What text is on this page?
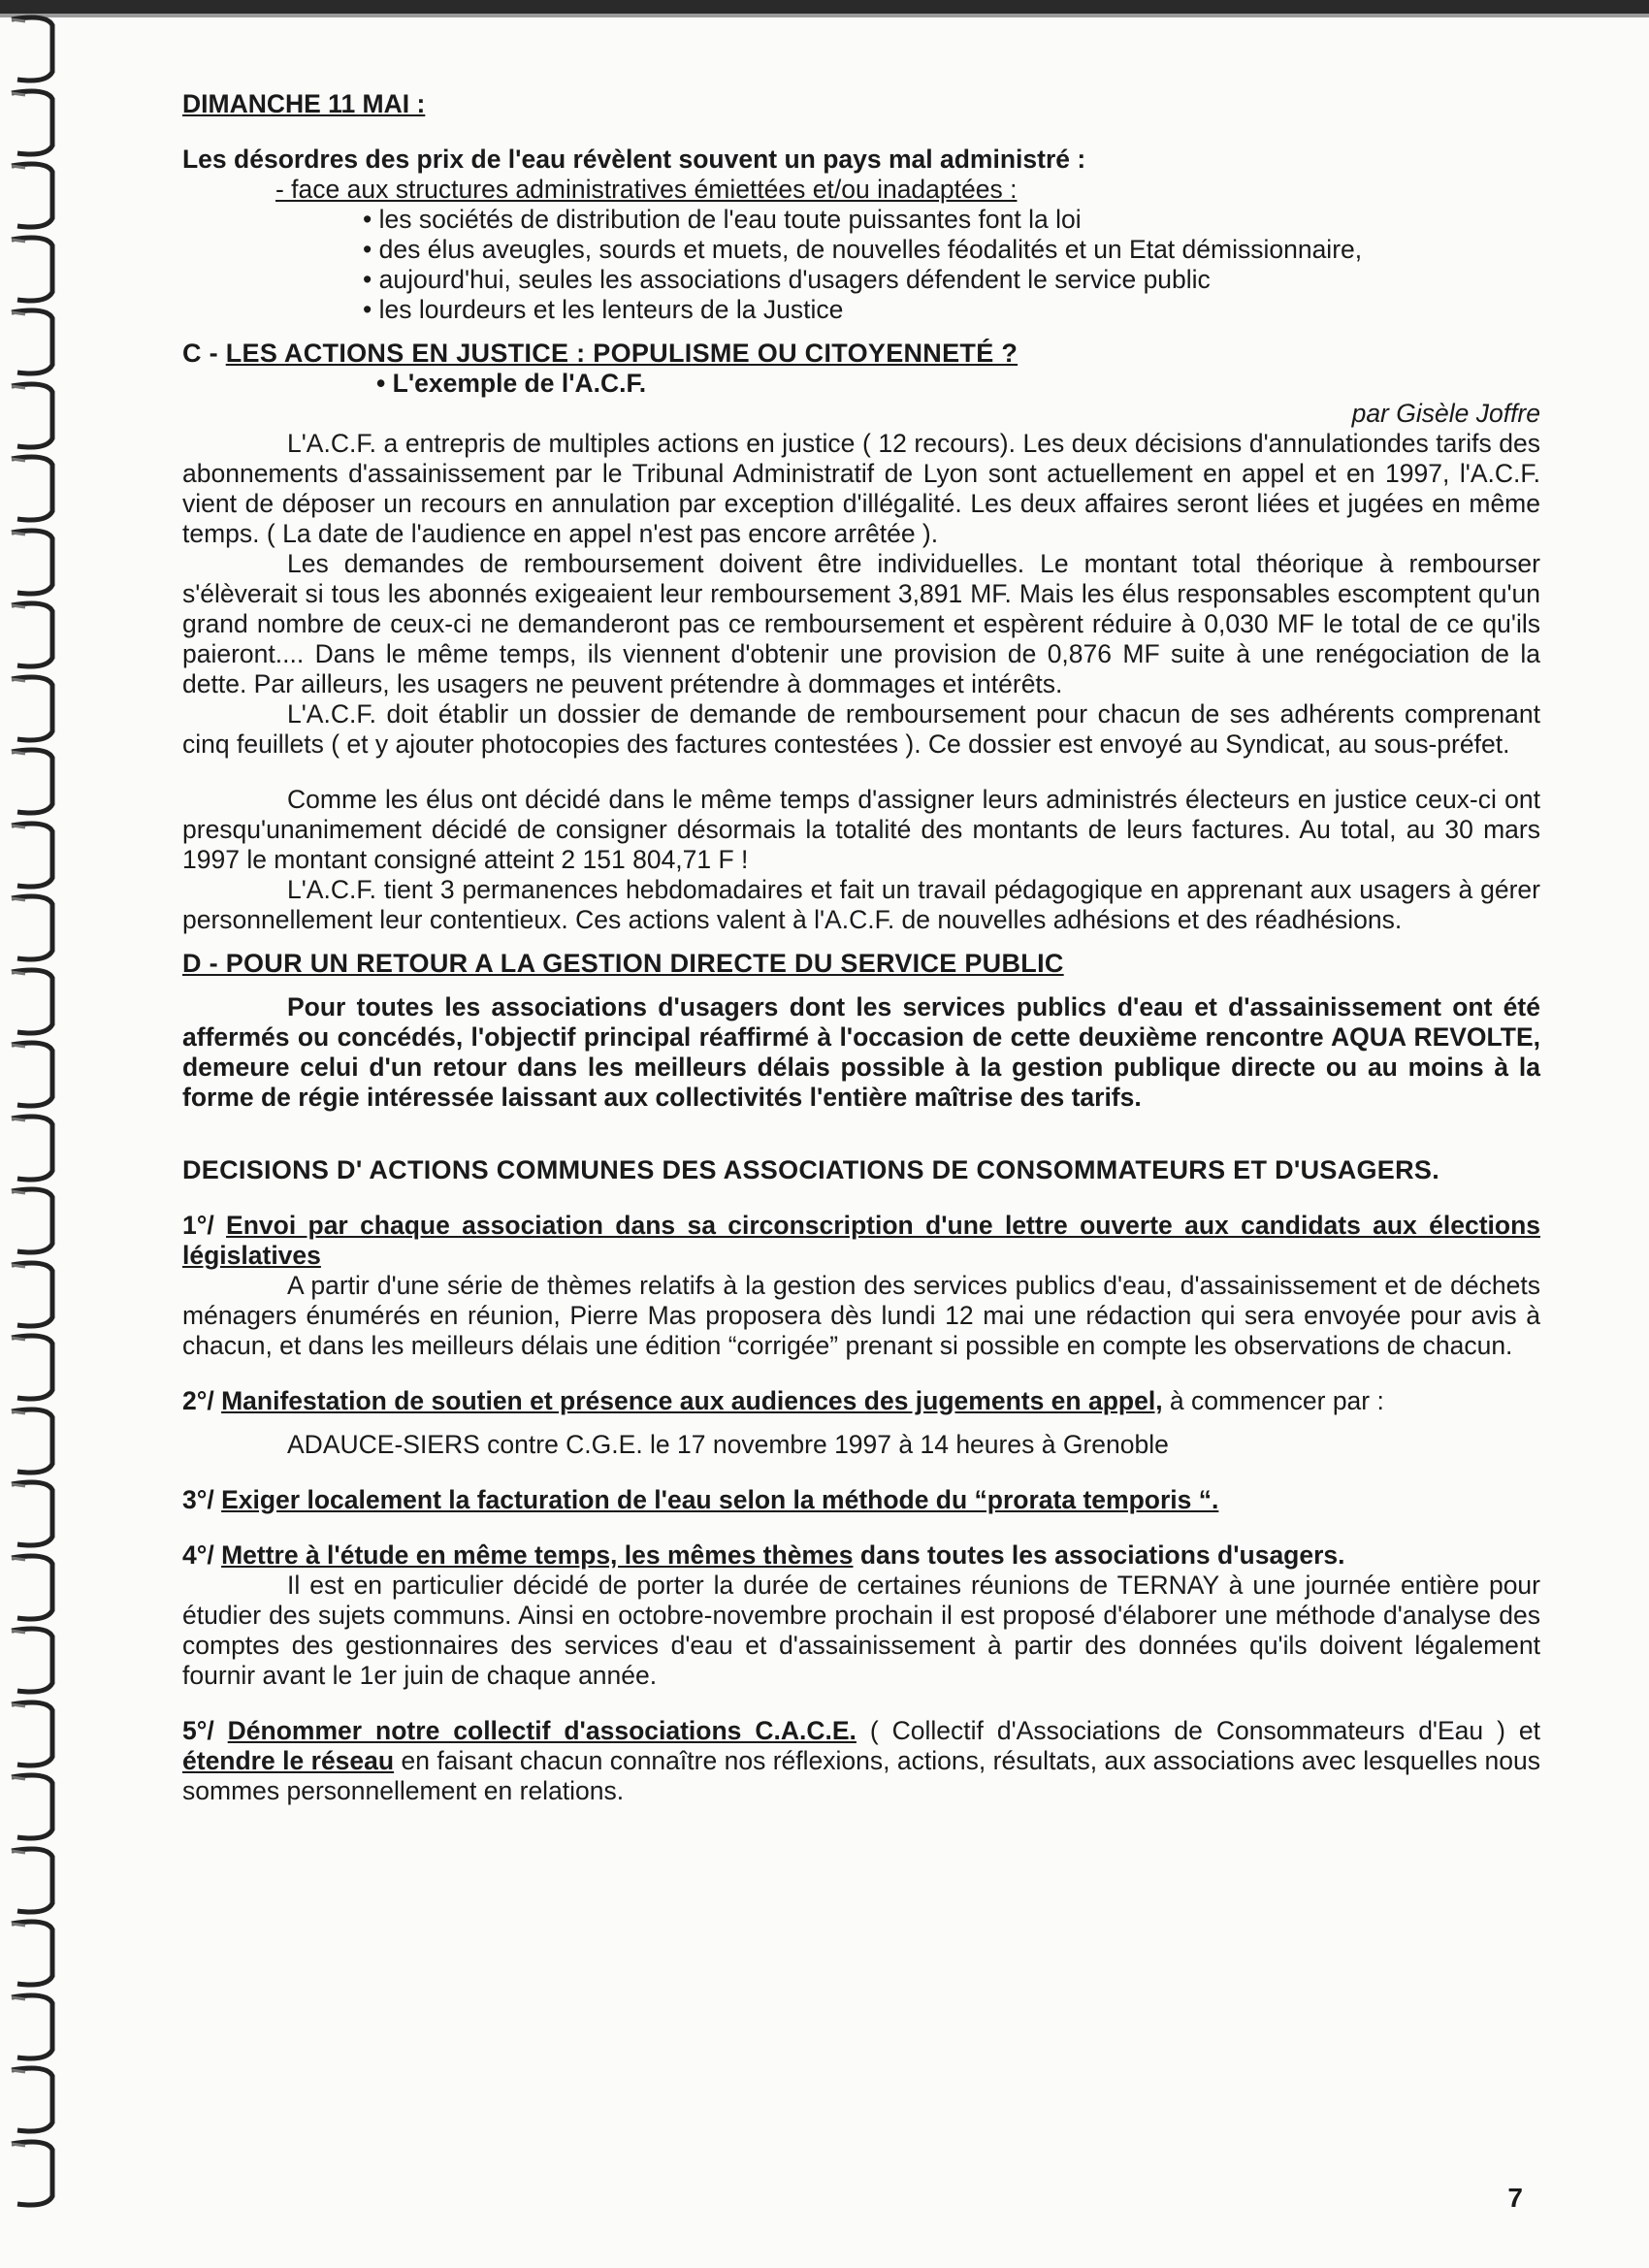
DIMANCHE 11 MAI :

Les désordres des prix de l'eau révèlent souvent un pays mal administré :

- face aux structures administratives émiettées et/ou inadaptées :

• les sociétés de distribution de l'eau toute puissantes font la loi
• des élus aveugles, sourds et muets, de nouvelles féodalités et un Etat démissionnaire,
• aujourd'hui, seules les associations d'usagers défendent le service public
• les lourdeurs et les lenteurs de la Justice

C - LES ACTIONS EN JUSTICE : POPULISME OU CITOYENNETÉ ?

• L'exemple de l'A.C.F.

par Gisèle Joffre

L'A.C.F. a entrepris de multiples actions en justice ( 12 recours). Les deux décisions d'annulationdes tarifs des abonnements d'assainissement par le Tribunal Administratif de Lyon sont actuellement en appel et en 1997, l'A.C.F. vient de déposer un recours en annulation par exception d'illégalité. Les deux affaires seront liées et jugées en même temps. ( La date de l'audience en appel n'est pas encore arrêtée ).

Les demandes de remboursement doivent être individuelles. Le montant total théorique à rembourser s'élèverait si tous les abonnés exigeaient leur remboursement 3,891 MF. Mais les élus responsables escomptent qu'un grand nombre de ceux-ci ne demanderont pas ce remboursement et espèrent réduire à 0,030 MF le total de ce qu'ils paieront.... Dans le même temps, ils viennent d'obtenir une provision de 0,876 MF suite à une renégociation de la dette. Par ailleurs, les usagers ne peuvent prétendre à dommages et intérêts.

L'A.C.F. doit établir un dossier de demande de remboursement pour chacun de ses adhérents comprenant cinq feuillets ( et y ajouter photocopies des factures contestées ). Ce dossier est envoyé au Syndicat, au sous-préfet.

Comme les élus ont décidé dans le même temps d'assigner leurs administrés électeurs en justice ceux-ci ont presqu'unanimement décidé de consigner désormais la totalité des montants de leurs factures. Au total, au 30 mars 1997 le montant consigné atteint 2 151 804,71 F !

L'A.C.F. tient 3 permanences hebdomadaires et fait un travail pédagogique en apprenant aux usagers à gérer personnellement leur contentieux. Ces actions valent à l'A.C.F. de nouvelles adhésions et des réadhésions.

D - POUR UN RETOUR A LA GESTION DIRECTE DU SERVICE PUBLIC

Pour toutes les associations d'usagers dont les services publics d'eau et d'assainissement ont été affermés ou concédés, l'objectif principal réaffirmé à l'occasion de cette deuxième rencontre AQUA REVOLTE, demeure celui d'un retour dans les meilleurs délais possible à la gestion publique directe ou au moins à la forme de régie intéressée laissant aux collectivités l'entière maîtrise des tarifs.

DECISIONS D' ACTIONS COMMUNES DES ASSOCIATIONS DE CONSOMMATEURS ET D'USAGERS.

1°/ Envoi par chaque association dans sa circonscription d'une lettre ouverte aux candidats aux élections législatives

A partir d'une série de thèmes relatifs à la gestion des services publics d'eau, d'assainissement et de déchets ménagers énumérés en réunion, Pierre Mas proposera dès lundi 12 mai une rédaction qui sera envoyée pour avis à chacun, et dans les meilleurs délais une édition “corrigée” prenant si possible en compte les observations de chacun.

2°/ Manifestation de soutien et présence aux audiences des jugements en appel, à commencer par :

ADAUCE-SIERS contre C.G.E. le 17 novembre 1997 à 14 heures à Grenoble

3°/ Exiger localement la facturation de l'eau selon la méthode du “prorata temporis “.

4°/ Mettre à l'étude en même temps, les mêmes thèmes dans toutes les associations d'usagers.

Il est en particulier décidé de porter la durée de certaines réunions de TERNAY à une journée entière pour étudier des sujets communs. Ainsi en octobre-novembre prochain il est proposé d'élaborer une méthode d'analyse des comptes des gestionnaires des services d'eau et d'assainissement à partir des données qu'ils doivent légalement fournir avant le 1er juin de chaque année.

5°/ Dénommer notre collectif d'associations C.A.C.E. ( Collectif d'Associations de Consommateurs d'Eau ) et étendre le réseau en faisant chacun connaître nos réflexions, actions, résultats, aux associations avec lesquelles nous sommes personnellement en relations.

7
